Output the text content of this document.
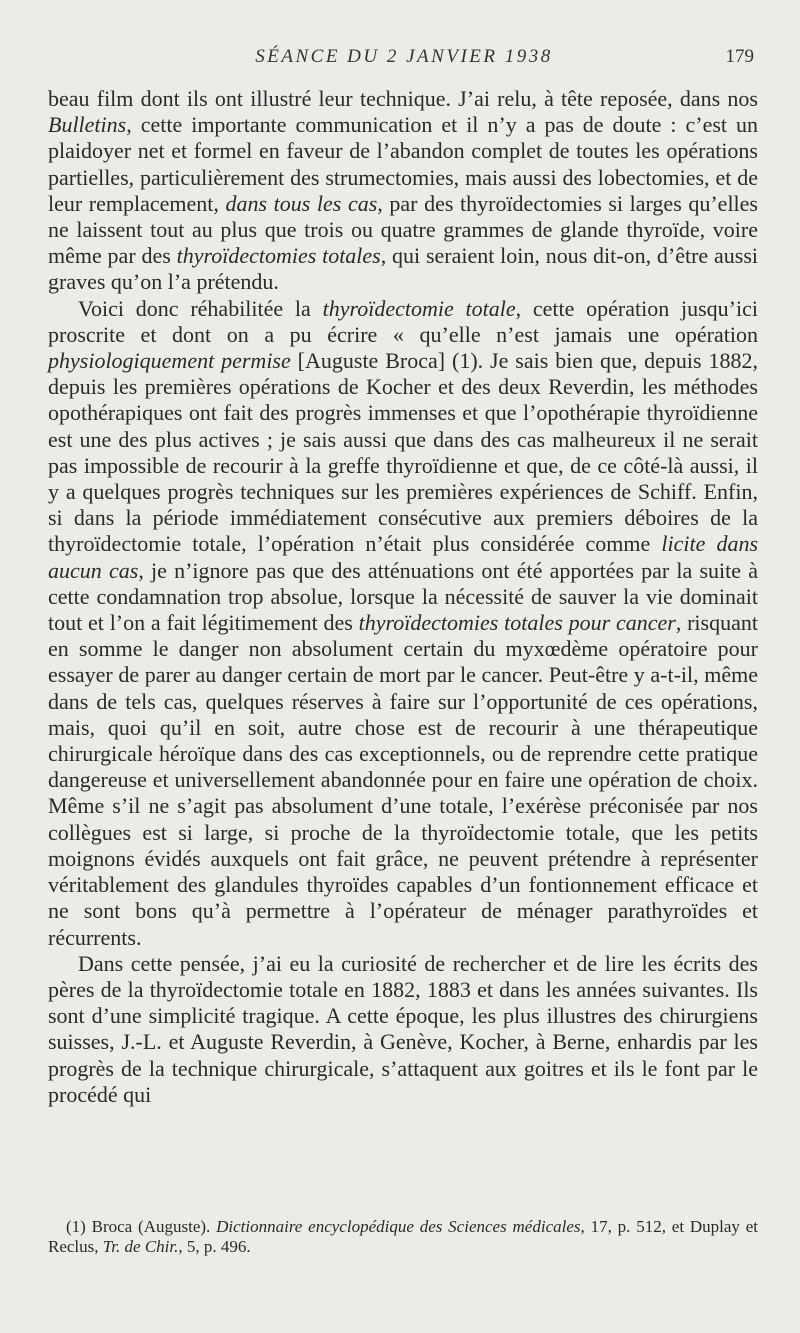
SÉANCE DU 2 JANVIER 1938	179

beau film dont ils ont illustré leur technique. J’ai relu, à tête reposée, dans nos Bulletins, cette importante communication et il n’y a pas de doute : c’est un plaidoyer net et formel en faveur de l’abandon complet de toutes les opérations partielles, particulièrement des strumectomies, mais aussi des lobectomies, et de leur remplacement, dans tous les cas, par des thyroïdectomies si larges qu’elles ne laissent tout au plus que trois ou quatre grammes de glande thyroïde, voire même par des thyroïdectomies totales, qui seraient loin, nous dit-on, d’être aussi graves qu’on l’a prétendu.

Voici donc réhabilitée la thyroïdectomie totale, cette opération jusqu’ici proscrite et dont on a pu écrire « qu’elle n’est jamais une opération physiologiquement permise [Auguste Broca] (1). Je sais bien que, depuis 1882, depuis les premières opérations de Kocher et des deux Reverdin, les méthodes opothérapiques ont fait des progrès immenses et que l’opothérapie thyroïdienne est une des plus actives ; je sais aussi que dans des cas malheureux il ne serait pas impossible de recourir à la greffe thyroïdienne et que, de ce côté-là aussi, il y a quelques progrès techniques sur les premières expériences de Schiff. Enfin, si dans la période immédiatement consécutive aux premiers déboires de la thyroïdectomie totale, l’opération n’était plus considérée comme licite dans aucun cas, je n’ignore pas que des atténuations ont été apportées par la suite à cette condamnation trop absolue, lorsque la nécessité de sauver la vie dominait tout et l’on a fait légitimement des thyroïdectomies totales pour cancer, risquant en somme le danger non absolument certain du myxœdème opératoire pour essayer de parer au danger certain de mort par le cancer. Peut-être y a-t-il, même dans de tels cas, quelques réserves à faire sur l’opportunité de ces opérations, mais, quoi qu’il en soit, autre chose est de recourir à une thérapeutique chirurgicale héroïque dans des cas exceptionnels, ou de reprendre cette pratique dangereuse et universellement abandonnée pour en faire une opération de choix. Même s’il ne s’agit pas absolument d’une totale, l’exérèse préconisée par nos collègues est si large, si proche de la thyroïdectomie totale, que les petits moignons évidés auxquels ont fait grâce, ne peuvent prétendre à représenter véritablement des glandules thyroïdes capables d’un fontionnement efficace et ne sont bons qu’à permettre à l’opérateur de ménager parathyroïdes et récurrents.

Dans cette pensée, j’ai eu la curiosité de rechercher et de lire les écrits des pères de la thyroïdectomie totale en 1882, 1883 et dans les années suivantes. Ils sont d’une simplicité tragique. A cette époque, les plus illustres des chirurgiens suisses, J.-L. et Auguste Reverdin, à Genève, Kocher, à Berne, enhardis par les progrès de la technique chirurgicale, s’attaquent aux goitres et ils le font par le procédé qui

(1) Broca (Auguste). Dictionnaire encyclopédique des Sciences médicales, 17, p. 512, et Duplay et Reclus, Tr. de Chir., 5, p. 496.
